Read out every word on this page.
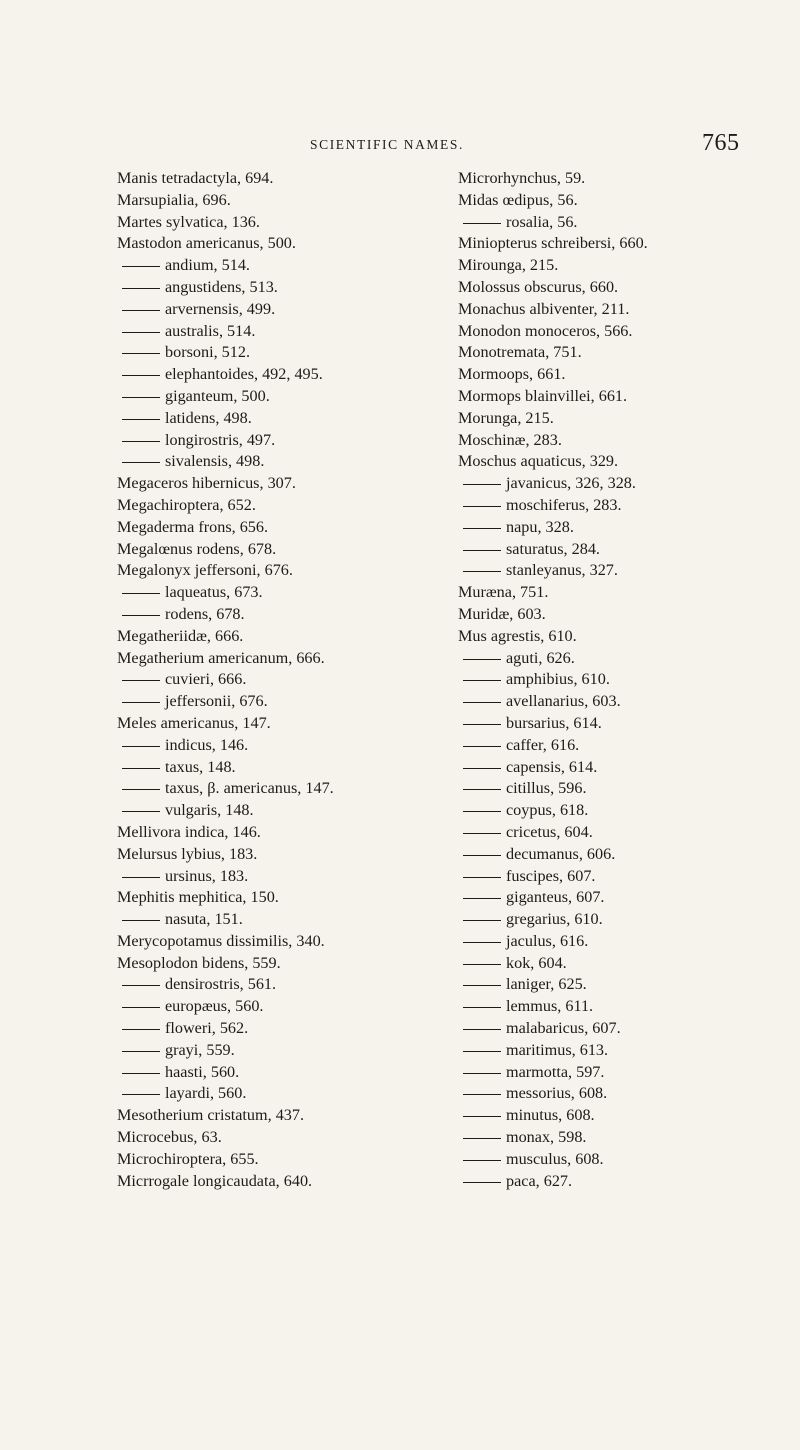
SCIENTIFIC NAMES.	765
Manis tetradactyla, 694.
Marsupialia, 696.
Martes sylvatica, 136.
Mastodon americanus, 500.
andium, 514.
angustidens, 513.
arvernensis, 499.
australis, 514.
borsoni, 512.
elephantoides, 492, 495.
giganteum, 500.
latidens, 498.
longirostris, 497.
sivalensis, 498.
Megaceros hibernicus, 307.
Megachiroptera, 652.
Megaderma frons, 656.
Megalœnus rodens, 678.
Megalonyx jeffersoni, 676.
laqueatus, 673.
rodens, 678.
Megatheriidæ, 666.
Megatherium americanum, 666.
cuvieri, 666.
jeffersonii, 676.
Meles americanus, 147.
indicus, 146.
taxus, 148.
taxus, β. americanus, 147.
vulgaris, 148.
Mellivora indica, 146.
Melursus lybius, 183.
ursinus, 183.
Mephitis mephitica, 150.
nasuta, 151.
Merycopotamus dissimilis, 340.
Mesoplodon bidens, 559.
densirostris, 561.
europæus, 560.
floweri, 562.
grayi, 559.
haasti, 560.
layardi, 560.
Mesotherium cristatum, 437.
Microcebus, 63.
Microchiroptera, 655.
Micrrogale longicaudata, 640.
Microrhynchus, 59.
Midas œdipus, 56.
rosalia, 56.
Miniopterus schreibersi, 660.
Mirounga, 215.
Molossus obscurus, 660.
Monachus albiventer, 211.
Monodon monoceros, 566.
Monotremata, 751.
Mormoops, 661.
Mormops blainvillei, 661.
Morunga, 215.
Moschinæ, 283.
Moschus aquaticus, 329.
javanicus, 326, 328.
moschiferus, 283.
napu, 328.
saturatus, 284.
stanleyanus, 327.
Muræna, 751.
Muridæ, 603.
Mus agrestis, 610.
aguti, 626.
amphibius, 610.
avellanarius, 603.
bursarius, 614.
caffer, 616.
capensis, 614.
citillus, 596.
coypus, 618.
cricetus, 604.
decumanus, 606.
fuscipes, 607.
giganteus, 607.
gregarius, 610.
jaculus, 616.
kok, 604.
laniger, 625.
lemmus, 611.
malabaricus, 607.
maritimus, 613.
marmotta, 597.
messorius, 608.
minutus, 608.
monax, 598.
musculus, 608.
paca, 627.
